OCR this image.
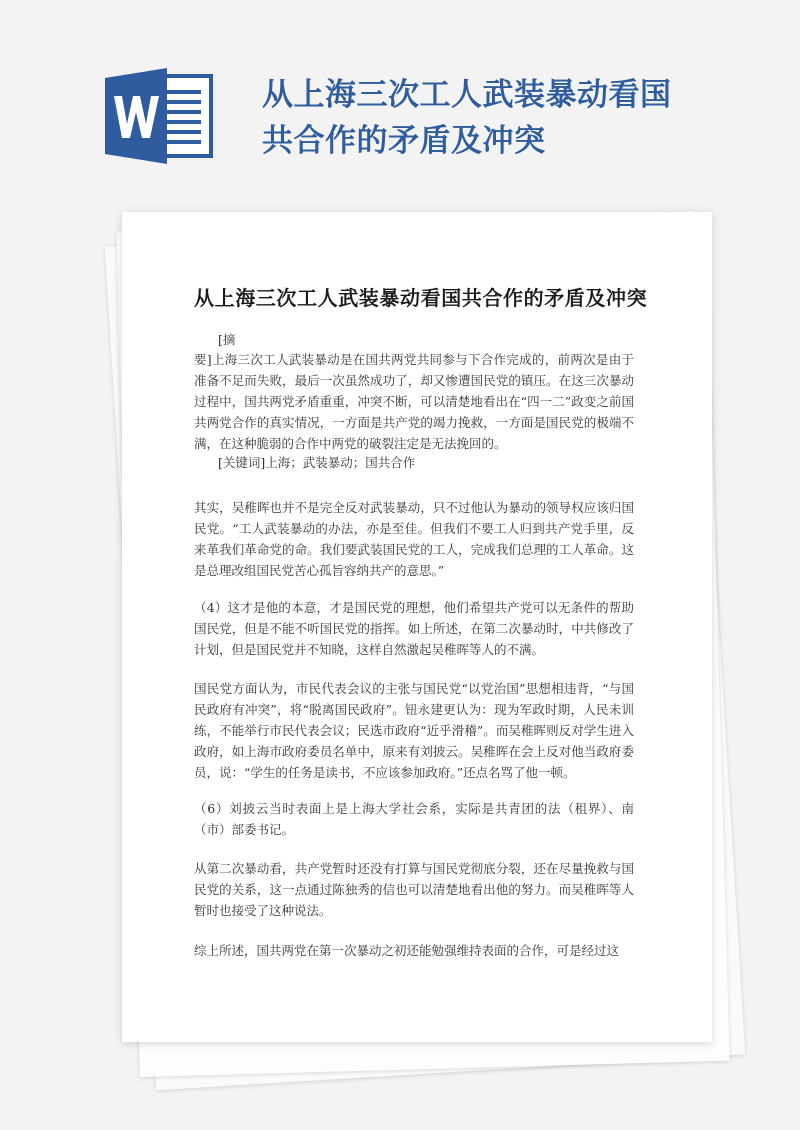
从上海三次工人武装暴动看国
共合作的矛盾及冲突
从上海三次工人武装暴动看国共合作的矛盾及冲突

[摘

要]上海三次工人武装暴动是在国共两党共同参与下合作完成的，前两次是由于准备不足而失败，最后一次虽然成功了，却又惨遭国民党的镇压。在这三次暴动过程中，国共两党矛盾重重，冲突不断，可以清楚地看出在“四一二”政变之前国共两党合作的真实情况，一方面是共产党的竭力挽救，一方面是国民党的极端不满，在这种脆弱的合作中两党的破裂注定是无法挽回的。

[关键词]上海；武装暴动；国共合作

其实，吴稚晖也并不是完全反对武装暴动，只不过他认为暴动的领导权应该归国民党。“工人武装暴动的办法，亦是至佳。但我们不要工人归到共产党手里，反来革我们革命党的命。我们要武装国民党的工人，完成我们总理的工人革命。这是总理改组国民党苦心孤旨容纳共产的意思。”

（4）这才是他的本意，才是国民党的理想，他们希望共产党可以无条件的帮助国民党，但是不能不听国民党的指挥。如上所述，在第二次暴动时，中共修改了计划，但是国民党并不知晓，这样自然激起吴稚晖等人的不满。

国民党方面认为，市民代表会议的主张与国民党“以党治国”思想相违背，“与国民政府有冲突”，将“脱离国民政府”。钮永建更认为：现为军政时期，人民未训练，不能举行市民代表会议；民选市政府“近乎滑稽”。而吴稚晖则反对学生进入政府，如上海市政府委员名单中，原来有刘披云。吴稚晖在会上反对他当政府委员，说：“学生的任务是读书，不应该参加政府。”还点名骂了他一顿。

（6）刘披云当时表面上是上海大学社会系，实际是共青团的法（租界）、南（市）部委书记。

从第二次暴动看，共产党暂时还没有打算与国民党彻底分裂，还在尽量挽救与国民党的关系，这一点通过陈独秀的信也可以清楚地看出他的努力。而吴稚晖等人暂时也接受了这种说法。

综上所述，国共两党在第一次暴动之初还能勉强维持表面的合作，可是经过这
